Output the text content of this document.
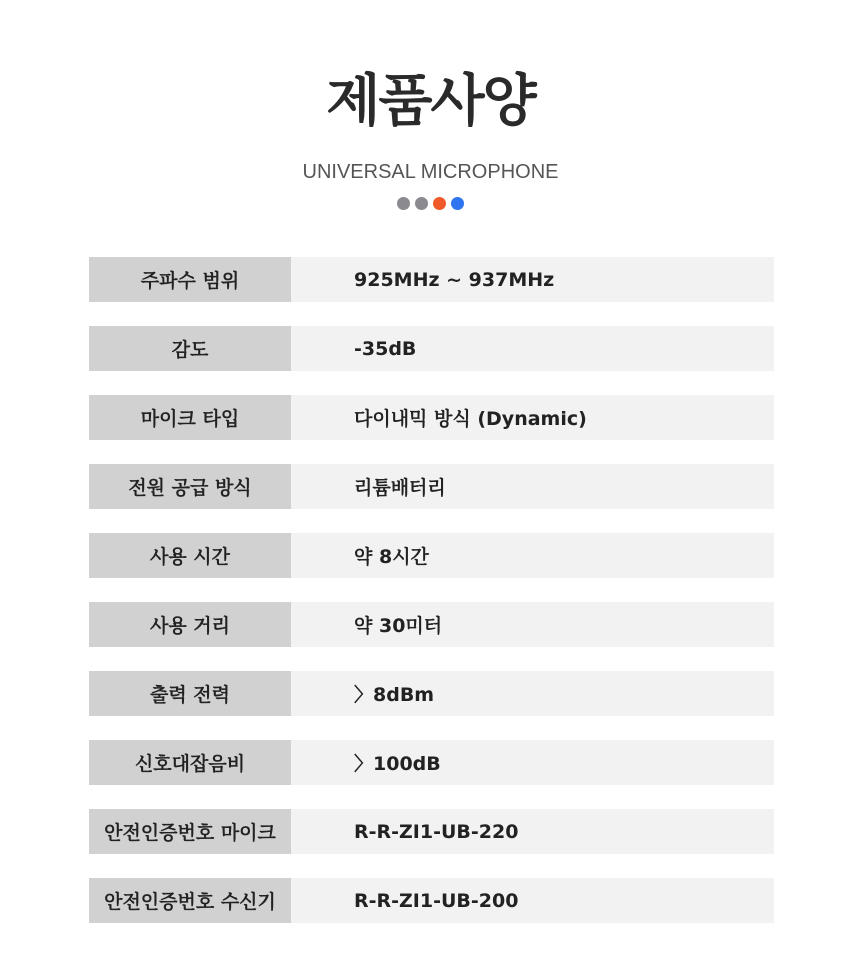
제품사양
UNIVERSAL MICROPHONE
주파수 범위	925MHz ~ 937MHz
감도	-35dB
마이크 타입	다이내믹 방식 (Dynamic)
전원 공급 방식	리튬배터리
사용 시간	약 8시간
사용 거리	약 30미터
출력 전력	〉8dBm
신호대잡음비	〉100dB
안전인증번호 마이크	R-R-ZI1-UB-220
안전인증번호 수신기	R-R-ZI1-UB-200
